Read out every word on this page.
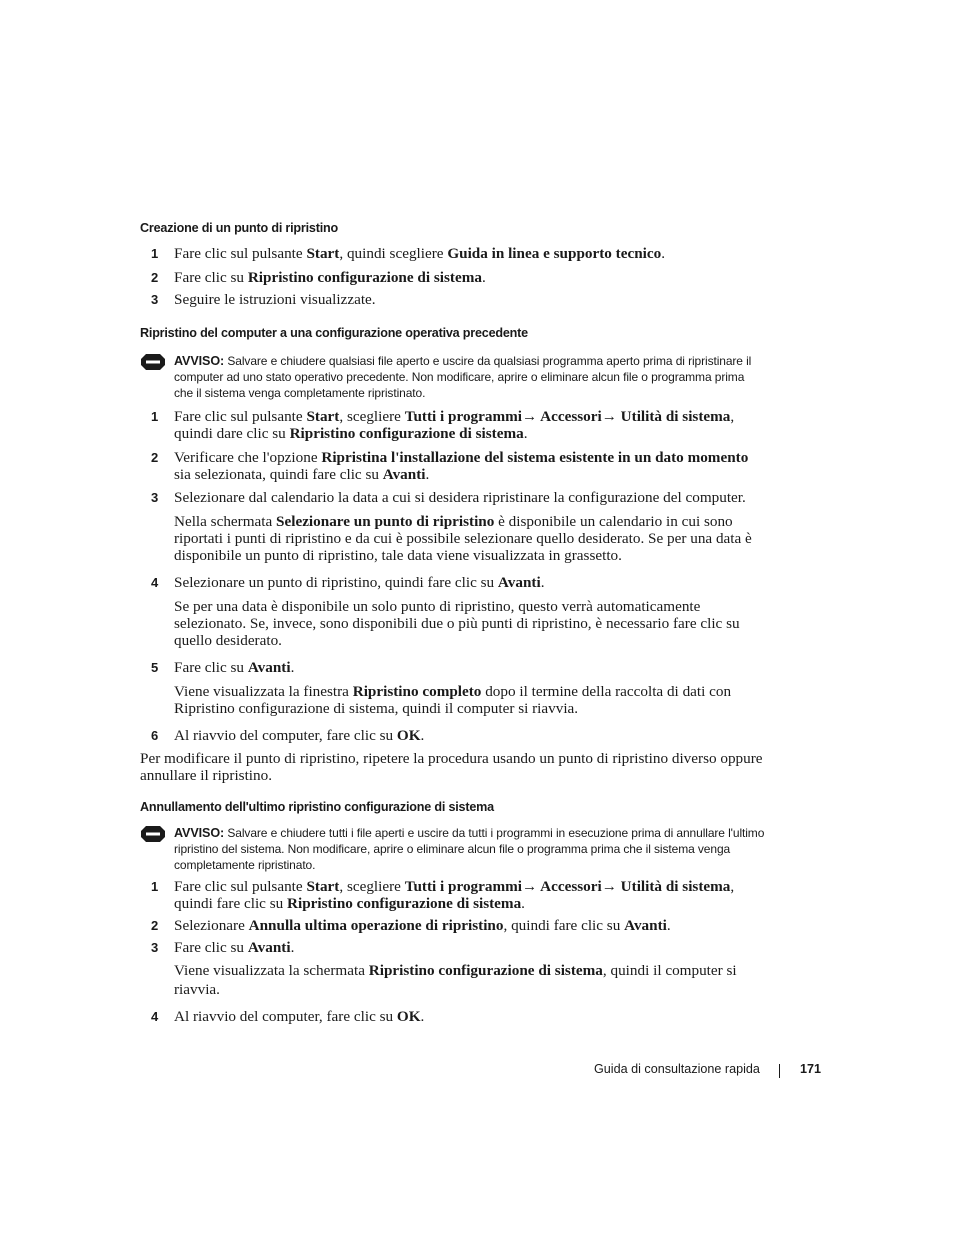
Creazione di un punto di ripristino
1 Fare clic sul pulsante Start, quindi scegliere Guida in linea e supporto tecnico.
2 Fare clic su Ripristino configurazione di sistema.
3 Seguire le istruzioni visualizzate.
Ripristino del computer a una configurazione operativa precedente
AVVISO: Salvare e chiudere qualsiasi file aperto e uscire da qualsiasi programma aperto prima di ripristinare il computer ad uno stato operativo precedente. Non modificare, aprire o eliminare alcun file o programma prima che il sistema venga completamente ripristinato.
1 Fare clic sul pulsante Start, scegliere Tutti i programmi→ Accessori→ Utilità di sistema, quindi dare clic su Ripristino configurazione di sistema.
2 Verificare che l'opzione Ripristina l'installazione del sistema esistente in un dato momento sia selezionata, quindi fare clic su Avanti.
3 Selezionare dal calendario la data a cui si desidera ripristinare la configurazione del computer.
Nella schermata Selezionare un punto di ripristino è disponibile un calendario in cui sono riportati i punti di ripristino e da cui è possibile selezionare quello desiderato. Se per una data è disponibile un punto di ripristino, tale data viene visualizzata in grassetto.
4 Selezionare un punto di ripristino, quindi fare clic su Avanti.
Se per una data è disponibile un solo punto di ripristino, questo verrà automaticamente selezionato. Se, invece, sono disponibili due o più punti di ripristino, è necessario fare clic su quello desiderato.
5 Fare clic su Avanti.
Viene visualizzata la finestra Ripristino completo dopo il termine della raccolta di dati con Ripristino configurazione di sistema, quindi il computer si riavvia.
6 Al riavvio del computer, fare clic su OK.
Per modificare il punto di ripristino, ripetere la procedura usando un punto di ripristino diverso oppure annullare il ripristino.
Annullamento dell'ultimo ripristino configurazione di sistema
AVVISO: Salvare e chiudere tutti i file aperti e uscire da tutti i programmi in esecuzione prima di annullare l'ultimo ripristino del sistema. Non modificare, aprire o eliminare alcun file o programma prima che il sistema venga completamente ripristinato.
1 Fare clic sul pulsante Start, scegliere Tutti i programmi→ Accessori→ Utilità di sistema, quindi fare clic su Ripristino configurazione di sistema.
2 Selezionare Annulla ultima operazione di ripristino, quindi fare clic su Avanti.
3 Fare clic su Avanti.
Viene visualizzata la schermata Ripristino configurazione di sistema, quindi il computer si riavvia.
4 Al riavvio del computer, fare clic su OK.
Guida di consultazione rapida	171
